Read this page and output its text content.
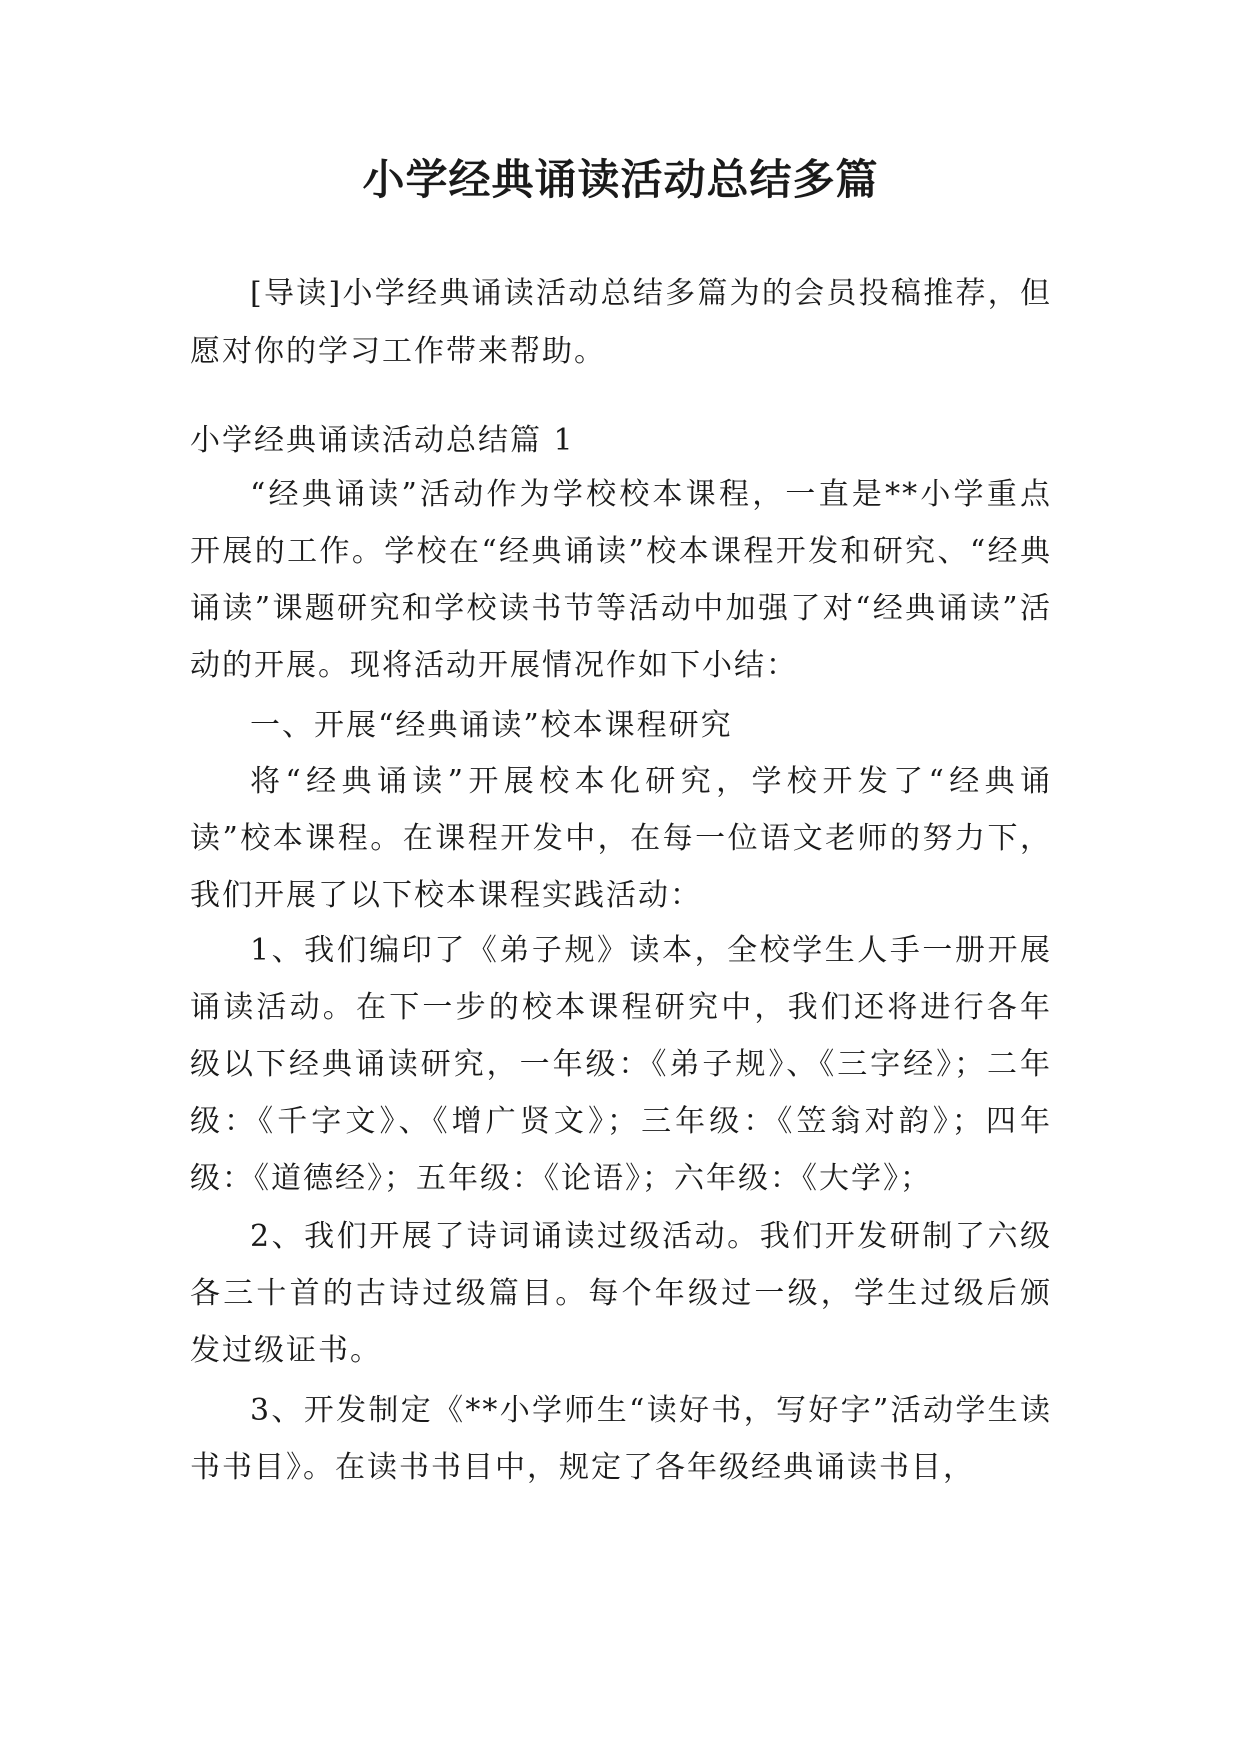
小学经典诵读活动总结多篇

[导读]小学经典诵读活动总结多篇为的会员投稿推荐，但愿对你的学习工作带来帮助。

小学经典诵读活动总结篇 1

“经典诵读”活动作为学校校本课程，一直是**小学重点开展的工作。学校在“经典诵读”校本课程开发和研究、“经典诵读”课题研究和学校读书节等活动中加强了对“经典诵读”活动的开展。现将活动开展情况作如下小结：

一、开展“经典诵读”校本课程研究

将“经典诵读”开展校本化研究，学校开发了“经典诵读”校本课程。在课程开发中，在每一位语文老师的努力下，我们开展了以下校本课程实践活动：

1、我们编印了《弟子规》读本，全校学生人手一册开展诵读活动。在下一步的校本课程研究中，我们还将进行各年级以下经典诵读研究，一年级：《弟子规》、《三字经》；二年级：《千字文》、《增广贤文》；三年级：《笠翁对韵》；四年级：《道德经》；五年级：《论语》；六年级：《大学》；

2、我们开展了诗词诵读过级活动。我们开发研制了六级各三十首的古诗过级篇目。每个年级过一级，学生过级后颁发过级证书。

3、开发制定《**小学师生“读好书，写好字”活动学生读书书目》。在读书书目中，规定了各年级经典诵读书目，
